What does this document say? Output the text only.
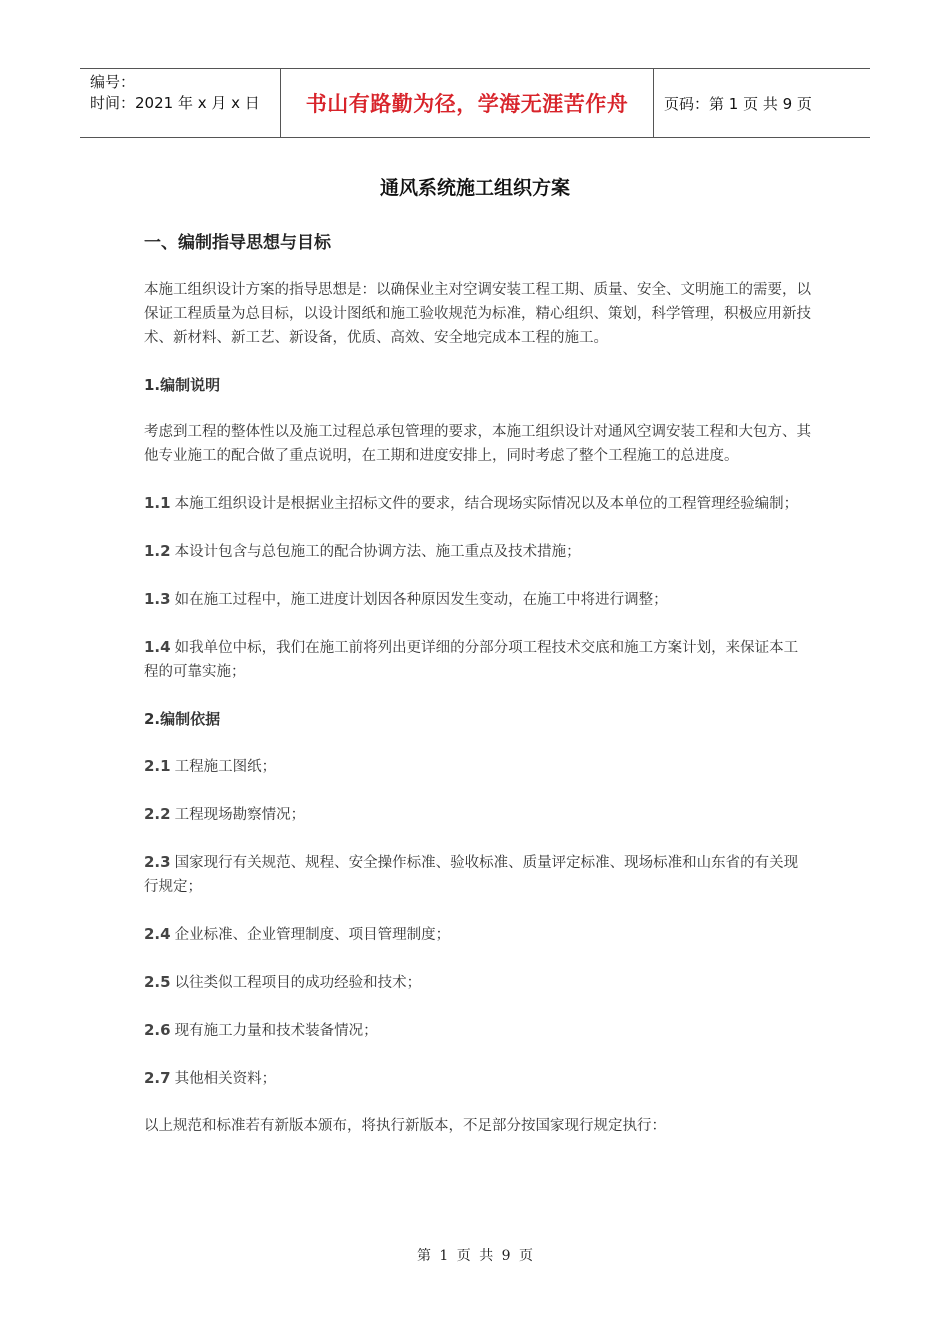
编号：
时间：2021 年 x 月 x 日	书山有路勤为径，学海无涯苦作舟	页码：第 1 页 共 9 页
通风系统施工组织方案
一、编制指导思想与目标

本施工组织设计方案的指导思想是：以确保业主对空调安装工程工期、质量、安全、文明施工的需要，以保证工程质量为总目标，以设计图纸和施工验收规范为标准，精心组织、策划，科学管理，积极应用新技术、新材料、新工艺、新设备，优质、高效、安全地完成本工程的施工。

1.编制说明

考虑到工程的整体性以及施工过程总承包管理的要求，本施工组织设计对通风空调安装工程和大包方、其他专业施工的配合做了重点说明，在工期和进度安排上，同时考虑了整个工程施工的总进度。

1.1 本施工组织设计是根据业主招标文件的要求，结合现场实际情况以及本单位的工程管理经验编制；

1.2 本设计包含与总包施工的配合协调方法、施工重点及技术措施；

1.3 如在施工过程中，施工进度计划因各种原因发生变动，在施工中将进行调整；

1.4 如我单位中标，我们在施工前将列出更详细的分部分项工程技术交底和施工方案计划，来保证本工程的可靠实施；

2.编制依据

2.1 工程施工图纸；

2.2 工程现场勘察情况；

2.3 国家现行有关规范、规程、安全操作标准、验收标准、质量评定标准、现场标准和山东省的有关现行规定；

2.4 企业标准、企业管理制度、项目管理制度；

2.5 以往类似工程项目的成功经验和技术；

2.6 现有施工力量和技术装备情况；

2.7 其他相关资料；

以上规范和标准若有新版本颁布，将执行新版本，不足部分按国家现行规定执行：

第 1 页 共 9 页
